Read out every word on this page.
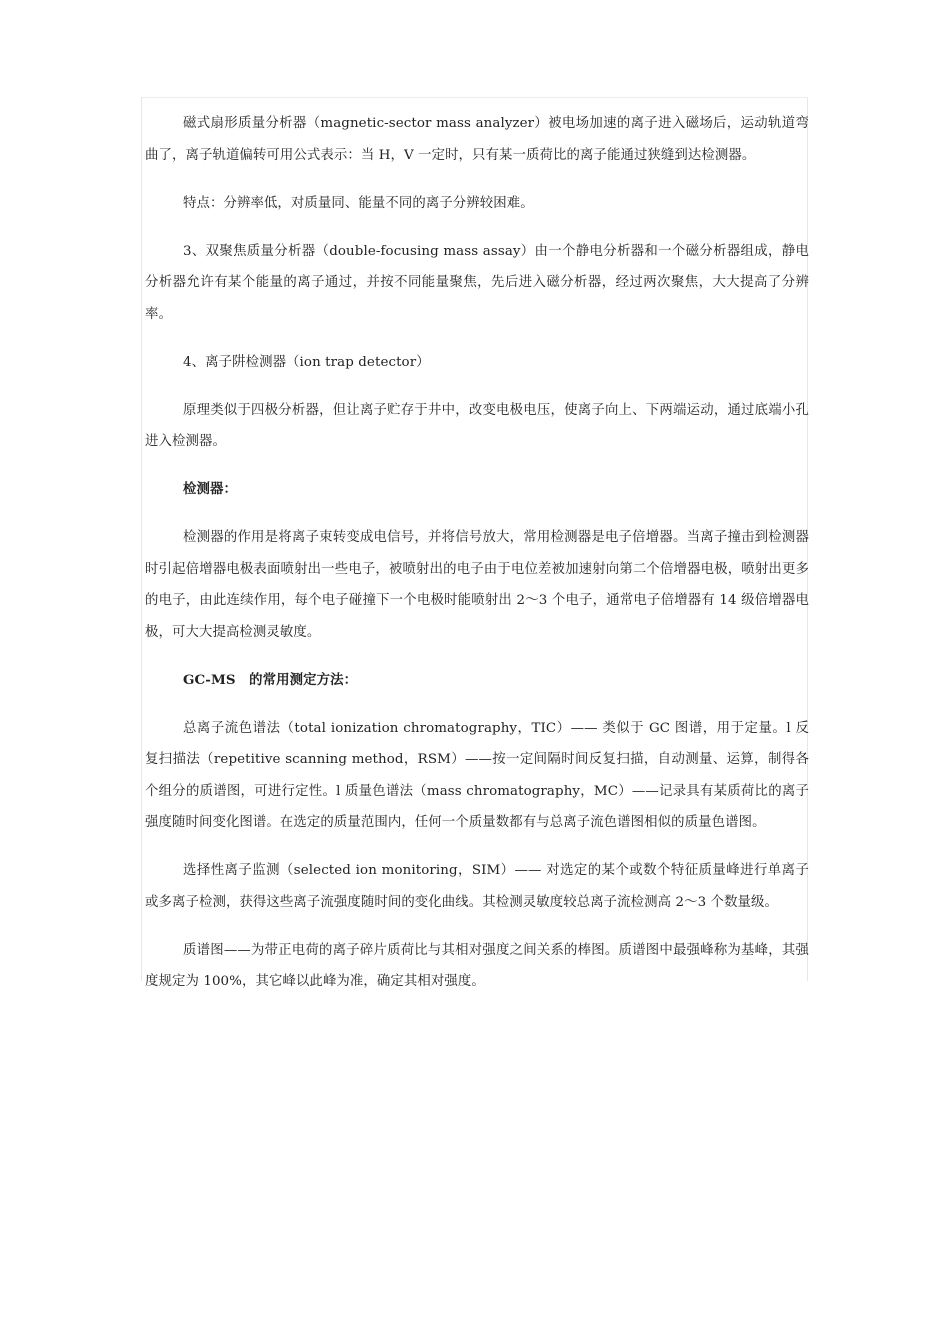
磁式扇形质量分析器（magnetic-sector mass analyzer）被电场加速的离子进入磁场后，运动轨道弯曲了，离子轨道偏转可用公式表示：当 H，V 一定时，只有某一质荷比的离子能通过狭缝到达检测器。

特点：分辨率低，对质量同、能量不同的离子分辨较困难。

3、双聚焦质量分析器（double-focusing mass assay）由一个静电分析器和一个磁分析器组成，静电分析器允许有某个能量的离子通过，并按不同能量聚焦，先后进入磁分析器，经过两次聚焦，大大提高了分辨率。

4、离子阱检测器（ion trap detector）

原理类似于四极分析器，但让离子贮存于井中，改变电极电压，使离子向上、下两端运动，通过底端小孔进入检测器。

检测器：

检测器的作用是将离子束转变成电信号，并将信号放大，常用检测器是电子倍增器。当离子撞击到检测器时引起倍增器电极表面喷射出一些电子，被喷射出的电子由于电位差被加速射向第二个倍增器电极，喷射出更多的电子，由此连续作用，每个电子碰撞下一个电极时能喷射出 2～3 个电子，通常电子倍增器有 14 级倍增器电极，可大大提高检测灵敏度。

GC-MS　的常用测定方法：

总离子流色谱法（total ionization chromatography，TIC）—— 类似于 GC 图谱，用于定量。l 反复扫描法（repetitive scanning method，RSM）——按一定间隔时间反复扫描，自动测量、运算，制得各个组分的质谱图，可进行定性。l 质量色谱法（mass chromatography，MC）——记录具有某质荷比的离子强度随时间变化图谱。在选定的质量范围内，任何一个质量数都有与总离子流色谱图相似的质量色谱图。

选择性离子监测（selected ion monitoring，SIM）—— 对选定的某个或数个特征质量峰进行单离子或多离子检测，获得这些离子流强度随时间的变化曲线。其检测灵敏度较总离子流检测高 2～3 个数量级。

质谱图——为带正电荷的离子碎片质荷比与其相对强度之间关系的棒图。质谱图中最强峰称为基峰，其强度规定为 100%，其它峰以此峰为准，确定其相对强度。
